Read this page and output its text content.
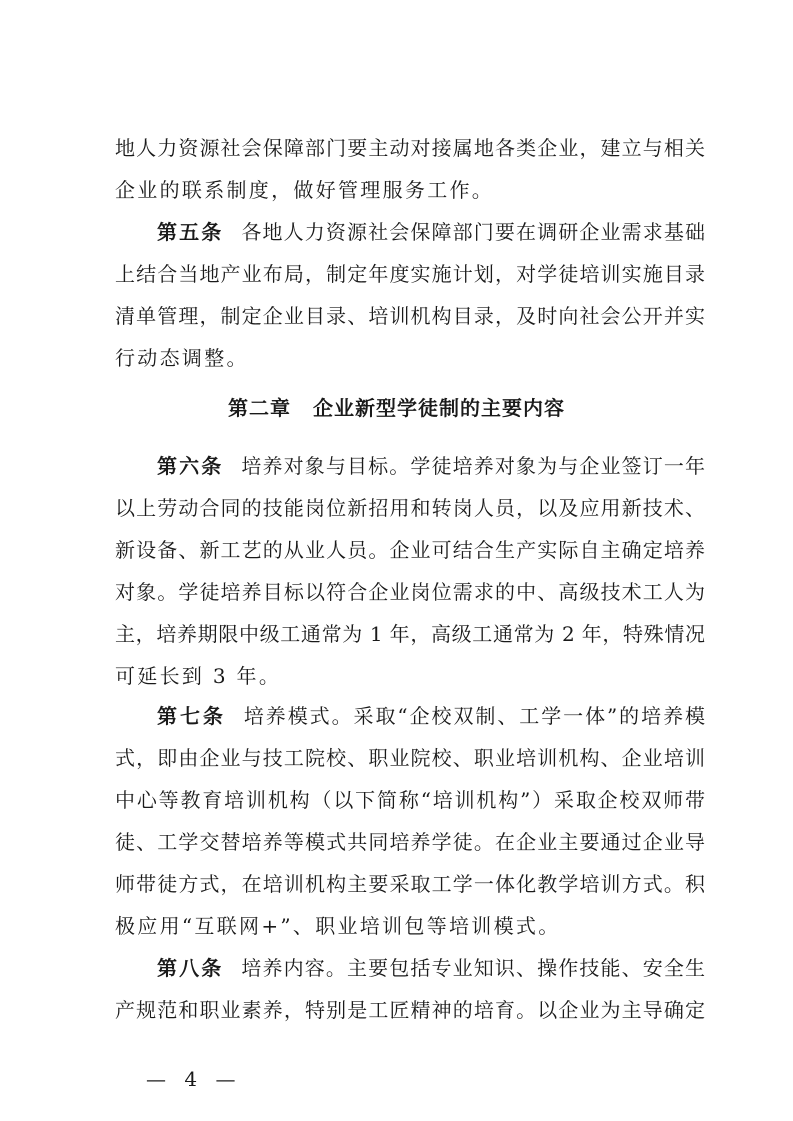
地人力资源社会保障部门要主动对接属地各类企业，建立与相关
企业的联系制度，做好管理服务工作。
第五条 各地人力资源社会保障部门要在调研企业需求基础
上结合当地产业布局，制定年度实施计划，对学徒培训实施目录
清单管理，制定企业目录、培训机构目录，及时向社会公开并实
行动态调整。
第二章 企业新型学徒制的主要内容
第六条 培养对象与目标。学徒培养对象为与企业签订一年
以上劳动合同的技能岗位新招用和转岗人员，以及应用新技术、
新设备、新工艺的从业人员。企业可结合生产实际自主确定培养
对象。学徒培养目标以符合企业岗位需求的中、高级技术工人为
主，培养期限中级工通常为 1 年，高级工通常为 2 年，特殊情况
可延长到 3 年。
第七条 培养模式。采取“企校双制、工学一体”的培养模
式，即由企业与技工院校、职业院校、职业培训机构、企业培训
中心等教育培训机构（以下简称“培训机构”）采取企校双师带
徒、工学交替培养等模式共同培养学徒。在企业主要通过企业导
师带徒方式，在培训机构主要采取工学一体化教学培训方式。积
极应用“互联网+”、职业培训包等培训模式。
第八条 培养内容。主要包括专业知识、操作技能、安全生
产规范和职业素养，特别是工匠精神的培育。以企业为主导确定
— 4 —
